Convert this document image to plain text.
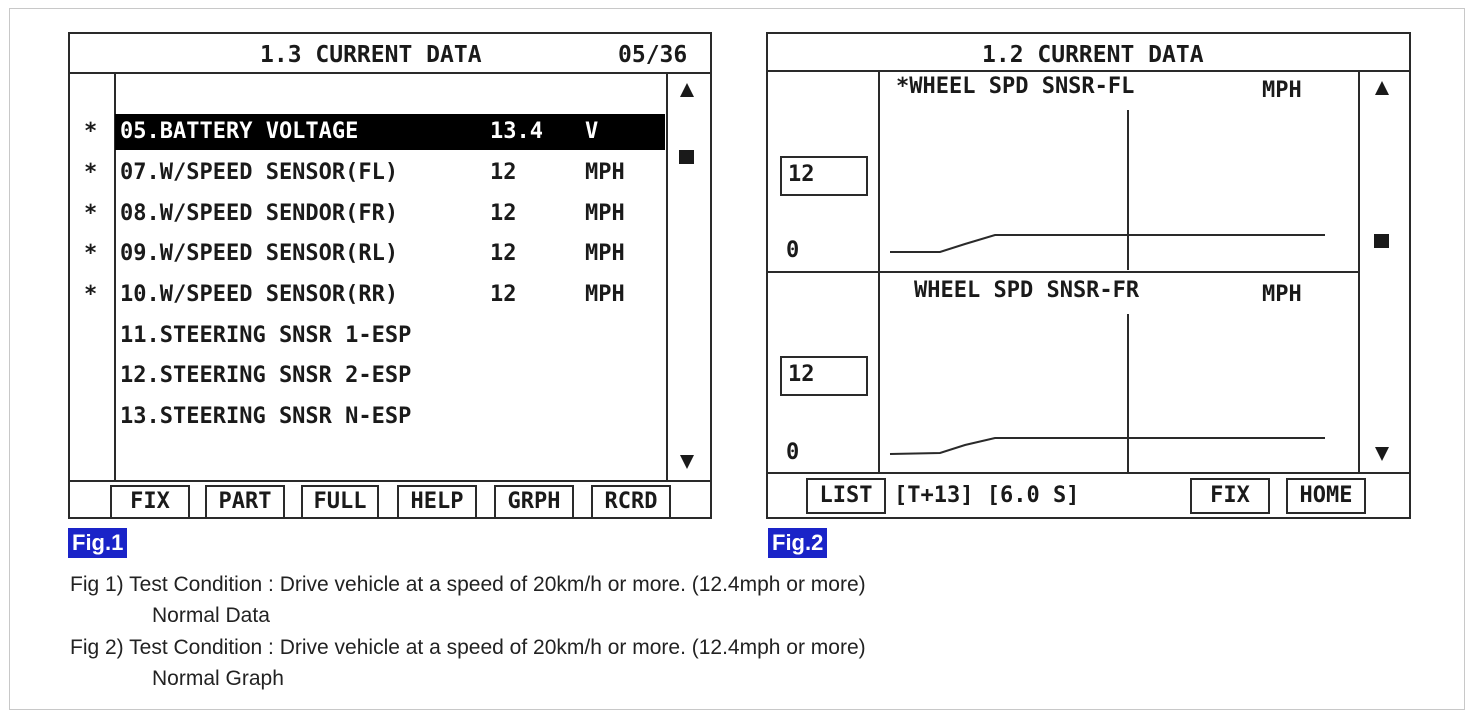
1.3 CURRENT DATA	05/36
* 05.BATTERY VOLTAGE	13.4 V
* 07.W/SPEED SENSOR(FL)	12	MPH
* 08.W/SPEED SENDOR(FR)	12	MPH
* 09.W/SPEED SENSOR(RL)	12	MPH
* 10.W/SPEED SENSOR(RR)	12	MPH
11.STEERING SNSR 1-ESP
12.STEERING SNSR 2-ESP
13.STEERING SNSR N-ESP
FIX	PART	FULL	HELP	GRPH	RCRD
Fig.1
1.2 CURRENT DATA
*WHEEL SPD SNSR-FL	MPH
12
0
WHEEL SPD SNSR-FR	MPH
12
0
LIST [T+13] [6.0 S]	FIX	HOME
Fig.2
Fig 1) Test Condition : Drive vehicle at a speed of 20km/h or more. (12.4mph or more)
Normal Data
Fig 2) Test Condition : Drive vehicle at a speed of 20km/h or more. (12.4mph or more)
Normal Graph
